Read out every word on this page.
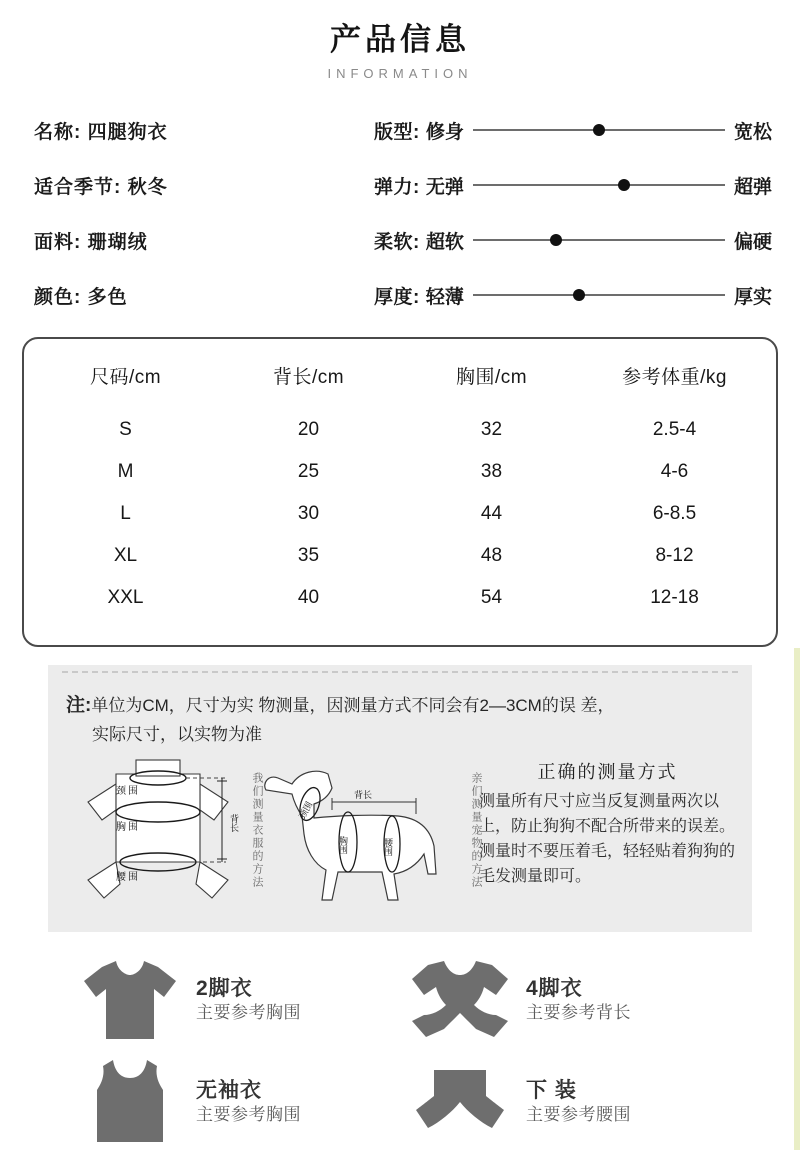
产品信息
INFORMATION
名称: 四腿狗衣
适合季节: 秋冬
面料: 珊瑚绒
颜色: 多色
版型: 修身	宽松
弹力: 无弹	超弹
柔软: 超软	偏硬
厚度: 轻薄	厚实
尺码/cm	背长/cm	胸围/cm	参考体重/kg
S	20	32	2.5-4
M	25	38	4-6
L	30	44	6-8.5
XL	35	48	8-12
XXL	40	54	12-18
注:单位为CM，尺寸为实 物测量，因测量方式不同会有2—3CM的误 差，
实际尺寸，以实物为准
颈围
胸围
腰围
背长 我们测量衣服的方法	背长
颈围
胸围	腰围	亲们测量宠物的方法	正确的测量方式
测量所有尺寸应当反复测量两次以上，防止狗狗不配合所带来的误差。测量时不要压着毛，轻轻贴着狗狗的毛发测量即可。
2脚衣
主要参考胸围
4脚衣
主要参考背长
无袖衣
主要参考胸围
下 装
主要参考腰围
